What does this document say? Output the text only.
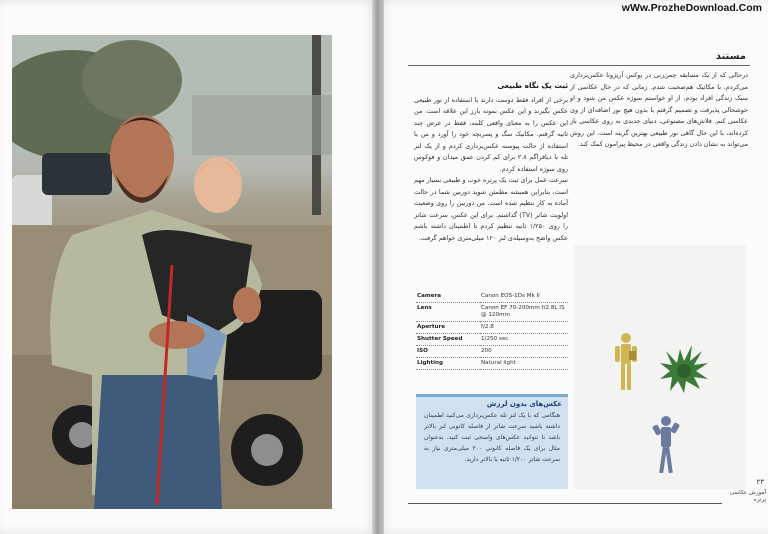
wWw.ProzheDownload.Com
مستند

درحالی که از یک مسابقه چمن‌زنی در یوکس آریزونا عکس‌برداری می‌کردم، با مکانیک هم‌صحبت شدم. زمانی که در حال عکاسی از سبک زندگی افراد بودم، از او خواستم سوژه عکس من شود و او خوشحالی پذیرفت و تصمیم گرفتم با بدون هیچ نور اضافه‌ای از وی عکاسی کنم. فلاش‌های مصنوعی، دنیای جدیدی به روی عکاسی باز کرده‌اند، با این حال گاهی نور طبیعی بهترین گزینه است. این روش می‌تواند به نشان دادن زندگی واقعی در محیط پیرامون کمک کند.

ثبت یک نگاه طبیعی

برخی از افراد فقط دوست دارند با استفاده از نور طبیعی عکس بگیرند و این عکس نمونه بارز این علاقه است. من این عکس را به معنای واقعی کلمه، فقط در عرض چند ثانیه گرفتم. مکانیک سگ و پسربچه خود را آورد و من با استفاده از حالت پیوسته عکس‌برداری کردم و از یک لنز تله با دیافراگم ۲.۸ برای کم کردن عمق میدان و فوکوس روی سوژه استفاده کردم.

سرعت عمل برای ثبت یک پرتره خوب و طبیعی بسیار مهم است، بنابراین همیشه مطمئن شوید دوربین شما در حالت آماده به کار تنظیم شده است. من دوربین را روی وضعیت اولویت شاتر (TV) گذاشتم. برای این عکس، سرعت شاتر را روی ۱/۲۵۰ ثانیه تنظیم کردم تا اطمینان داشته باشم عکس واضح به‌وسیله‌ی لنز ۱۲۰ میلی‌متری خواهم گرفت.

Camera	Canon EOS-1Ds Mk II
Lens	Canon EF 70-200mm f/2.8L IS @ 120mm
Aperture	f/2.8
Shutter Speed	1/250 sec
ISO	200
Lighting	Natural light
عکس‌های بدون لرزش

هنگامی که با یک لنز تله عکس‌برداری می‌کنید اطمینان داشته باشید سرعت شاتر از فاصله کانونی لنز بالاتر باشد تا نتوانید عکس‌های واضحی ثبت کنید. به‌عنوان مثال برای یک فاصله کانونی ۲۰۰ میلی‌متری نیاز به سرعت شاتر ۱/۲۰۰ ثانیه یا بالاتر دارید.

۲۳
آموزش عکاسی پرتره
